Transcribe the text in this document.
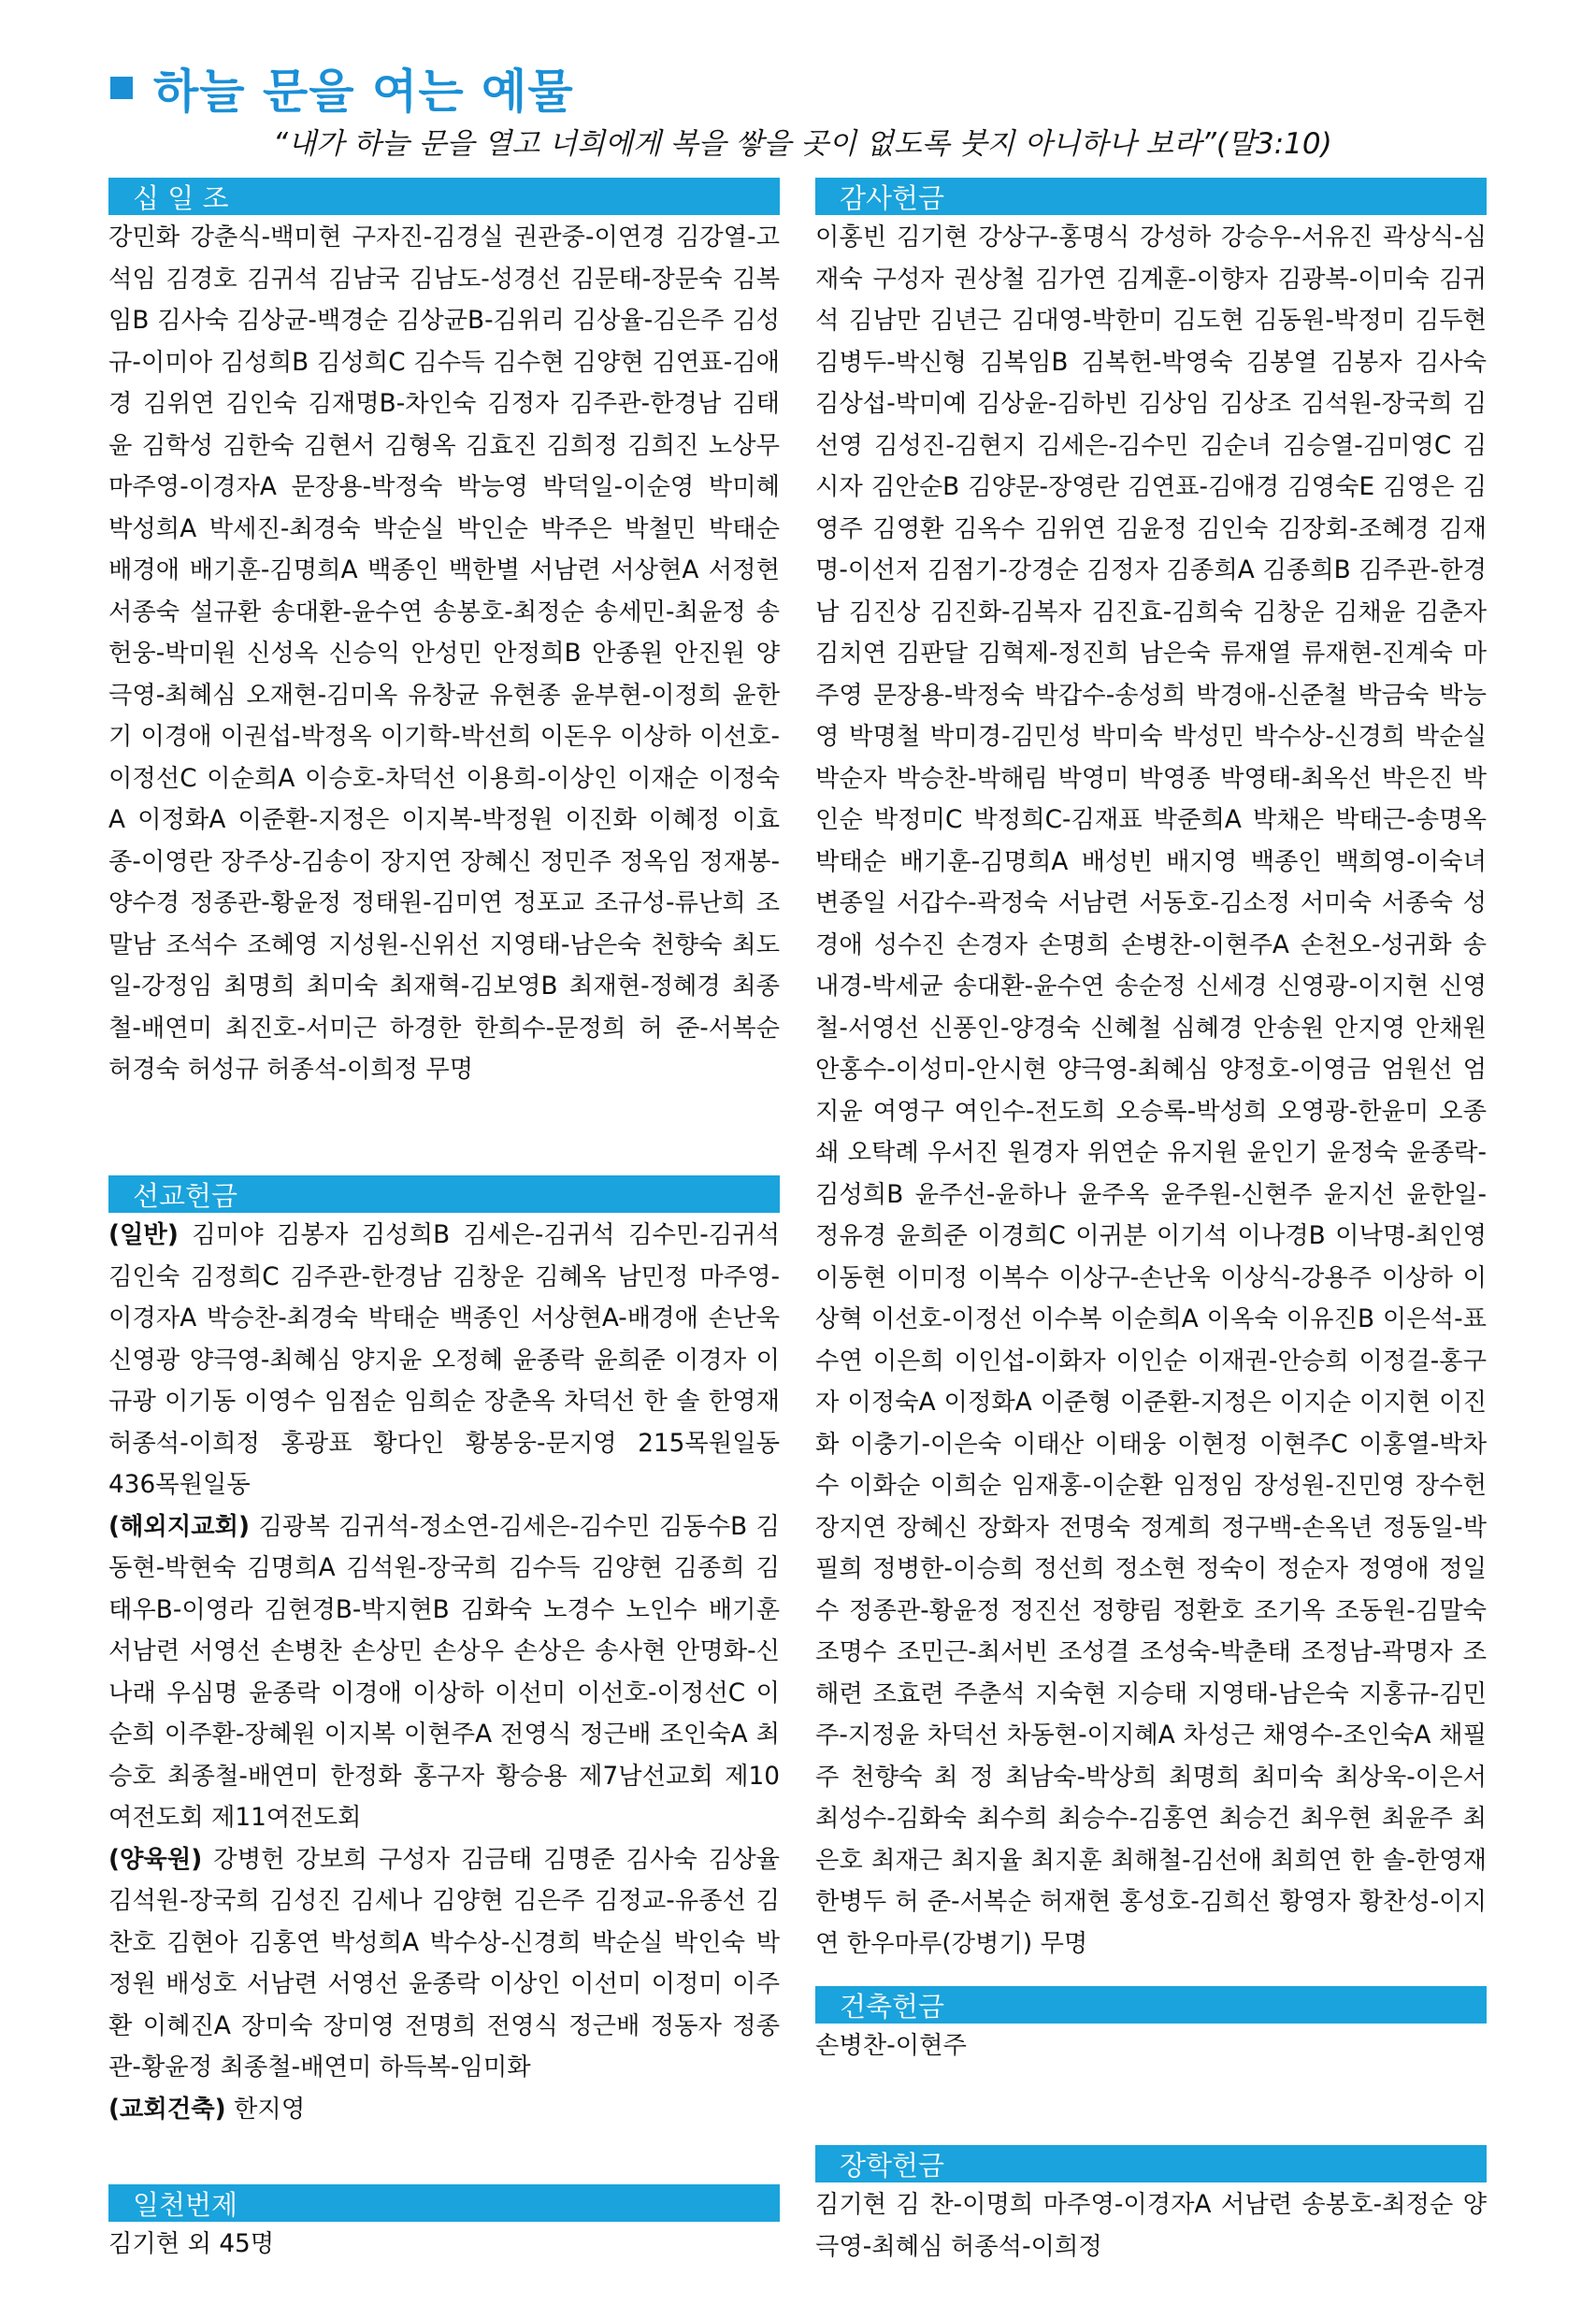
하늘 문을 여는 예물
“내가 하늘 문을 열고 너희에게 복을 쌓을 곳이 없도록 붓지 아니하나 보라”(말3:10)
십 일 조

강민화 강춘식-백미현 구자진-김경실 권관중-이연경 김강열-고석임 김경호 김귀석 김남국 김남도-성경선 김문태-장문숙 김복임B 김사숙 김상균-백경순 김상균B-김위리 김상율-김은주 김성규-이미아 김성희B 김성희C 김수득 김수현 김양현 김연표-김애경 김위연 김인숙 김재명B-차인숙 김정자 김주관-한경남 김태윤 김학성 김한숙 김현서 김형옥 김효진 김희정 김희진 노상무 마주영-이경자A 문장용-박정숙 박능영 박덕일-이순영 박미혜 박성희A 박세진-최경숙 박순실 박인순 박주은 박철민 박태순 배경애 배기훈-김명희A 백종인 백한별 서남련 서상현A 서정현 서종숙 설규환 송대환-윤수연 송봉호-최정순 송세민-최윤정 송헌웅-박미원 신성옥 신승익 안성민 안정희B 안종원 안진원 양극영-최혜심 오재현-김미옥 유창균 유현종 윤부현-이정희 윤한기 이경애 이권섭-박정옥 이기학-박선희 이돈우 이상하 이선호-이정선C 이순희A 이승호-차덕선 이용희-이상인 이재순 이정숙A 이정화A 이준환-지정은 이지복-박정원 이진화 이혜정 이효종-이영란 장주상-김송이 장지연 장혜신 정민주 정옥임 정재봉-양수경 정종관-황윤정 정태원-김미연 정포교 조규성-류난희 조말남 조석수 조혜영 지성원-신위선 지영태-남은숙 천향숙 최도일-강정임 최명희 최미숙 최재혁-김보영B 최재현-정혜경 최종철-배연미 최진호-서미근 하경한 한희수-문정희 허 준-서복순 허경숙 허성규 허종석-이희정 무명

선교헌금

(일반) 김미야 김봉자 김성희B 김세은-김귀석 김수민-김귀석 김인숙 김정희C 김주관-한경남 김창운 김혜옥 남민정 마주영-이경자A 박승찬-최경숙 박태순 백종인 서상현A-배경애 손난욱 신영광 양극영-최혜심 양지윤 오정혜 윤종락 윤희준 이경자 이규광 이기동 이영수 임점순 임희순 장춘옥 차덕선 한 솔 한영재 허종석-이희정 홍광표 황다인 황봉웅-문지영 215목원일동 436목원일동

(해외지교회) 김광복 김귀석-정소연-김세은-김수민 김동수B 김동현-박현숙 김명희A 김석원-장국희 김수득 김양현 김종희 김태우B-이영라 김현경B-박지현B 김화숙 노경수 노인수 배기훈 서남련 서영선 손병찬 손상민 손상우 손상은 송사현 안명화-신나래 우심명 윤종락 이경애 이상하 이선미 이선호-이정선C 이순희 이주환-장혜원 이지복 이현주A 전영식 정근배 조인숙A 최승호 최종철-배연미 한정화 홍구자 황승용 제7남선교회 제10여전도회 제11여전도회

(양육원) 강병헌 강보희 구성자 김금태 김명준 김사숙 김상율 김석원-장국희 김성진 김세나 김양현 김은주 김정교-유종선 김찬호 김현아 김홍연 박성희A 박수상-신경희 박순실 박인숙 박정원 배성호 서남련 서영선 윤종락 이상인 이선미 이정미 이주환 이혜진A 장미숙 장미영 전명희 전영식 정근배 정동자 정종관-황윤정 최종철-배연미 하득복-임미화

(교회건축) 한지영

일천번제

김기현 외 45명

감사헌금

이홍빈 김기현 강상구-홍명식 강성하 강승우-서유진 곽상식-심재숙 구성자 권상철 김가연 김계훈-이향자 김광복-이미숙 김귀석 김남만 김년근 김대영-박한미 김도현 김동원-박정미 김두현 김병두-박신형 김복임B 김복헌-박영숙 김봉열 김봉자 김사숙 김상섭-박미예 김상윤-김하빈 김상임 김상조 김석원-장국희 김선영 김성진-김현지 김세은-김수민 김순녀 김승열-김미영C 김시자 김안순B 김양문-장영란 김연표-김애경 김영숙E 김영은 김영주 김영환 김옥수 김위연 김윤정 김인숙 김장회-조혜경 김재명-이선저 김점기-강경순 김정자 김종희A 김종희B 김주관-한경남 김진상 김진화-김복자 김진효-김희숙 김창운 김채윤 김춘자 김치연 김판달 김혁제-정진희 남은숙 류재열 류재현-진계숙 마주영 문장용-박정숙 박갑수-송성희 박경애-신준철 박금숙 박능영 박명철 박미경-김민성 박미숙 박성민 박수상-신경희 박순실 박순자 박승찬-박해림 박영미 박영종 박영태-최옥선 박은진 박인순 박정미C 박정희C-김재표 박준희A 박채은 박태근-송명옥 박태순 배기훈-김명희A 배성빈 배지영 백종인 백희영-이숙녀 변종일 서갑수-곽정숙 서남련 서동호-김소정 서미숙 서종숙 성경애 성수진 손경자 손명희 손병찬-이현주A 손천오-성귀화 송내경-박세균 송대환-윤수연 송순정 신세경 신영광-이지현 신영철-서영선 신퐁인-양경숙 신혜철 심혜경 안송원 안지영 안채원 안홍수-이성미-안시현 양극영-최혜심 양정호-이영금 엄원선 엄지윤 여영구 여인수-전도희 오승록-박성희 오영광-한윤미 오종쇄 오탁례 우서진 원경자 위연순 유지원 윤인기 윤정숙 윤종락-김성희B 윤주선-윤하나 윤주옥 윤주원-신현주 윤지선 윤한일-정유경 윤희준 이경희C 이귀분 이기석 이나경B 이낙명-최인영 이동현 이미정 이복수 이상구-손난욱 이상식-강용주 이상하 이상혁 이선호-이정선 이수복 이순희A 이옥숙 이유진B 이은석-표수연 이은희 이인섭-이화자 이인순 이재권-안승희 이정걸-홍구자 이정숙A 이정화A 이준형 이준환-지정은 이지순 이지현 이진화 이충기-이은숙 이태산 이태웅 이현정 이현주C 이홍열-박차수 이화순 이희순 임재홍-이순환 임정임 장성원-진민영 장수헌 장지연 장혜신 장화자 전명숙 정계희 정구백-손옥년 정동일-박필희 정병한-이승희 정선희 정소현 정숙이 정순자 정영애 정일수 정종관-황윤정 정진선 정향림 정환호 조기옥 조동원-김말숙 조명수 조민근-최서빈 조성결 조성숙-박춘태 조정남-곽명자 조해련 조효련 주춘석 지숙현 지승태 지영태-남은숙 지홍규-김민주-지정윤 차덕선 차동현-이지혜A 차성근 채영수-조인숙A 채필주 천향숙 최 정 최남숙-박상희 최명희 최미숙 최상욱-이은서 최성수-김화숙 최수희 최승수-김홍연 최승건 최우현 최윤주 최은호 최재근 최지율 최지훈 최해철-김선애 최희연 한 솔-한영재 한병두 허 준-서복순 허재현 홍성호-김희선 황영자 황찬성-이지연 한우마루(강병기) 무명

건축헌금

손병찬-이현주

장학헌금

김기현 김 찬-이명희 마주영-이경자A 서남련 송봉호-최정순 양극영-최혜심 허종석-이희정
